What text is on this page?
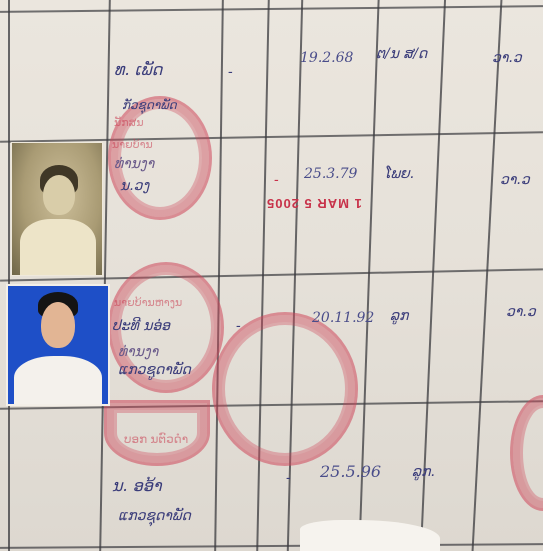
ທ. ເພັດ
ກັວຊຸດາພັດ
ນັກສນ
-
19.2.68 ຕ/ນ ສ/ດ	ວາ.ວ
ນາຍບ້ານ
ທ່ານງາ
ນ.ວງ	- 25.3.79 ໂພຍ.	ວາ.ວ
1 MAR 5 2005
ນາຍບ້ານຫາງນ
ປະທີ ນອ່ອ
ທ່ານງາ
ແກວຊູດາພັດ
-	20.11.92 ລູກ	ວາ.ວ
ບອກ ນຕົວດຳ
ນ. ອອ້າ
ແກວຊຸດາພັດ
- 25.5.96 ລູກ.
